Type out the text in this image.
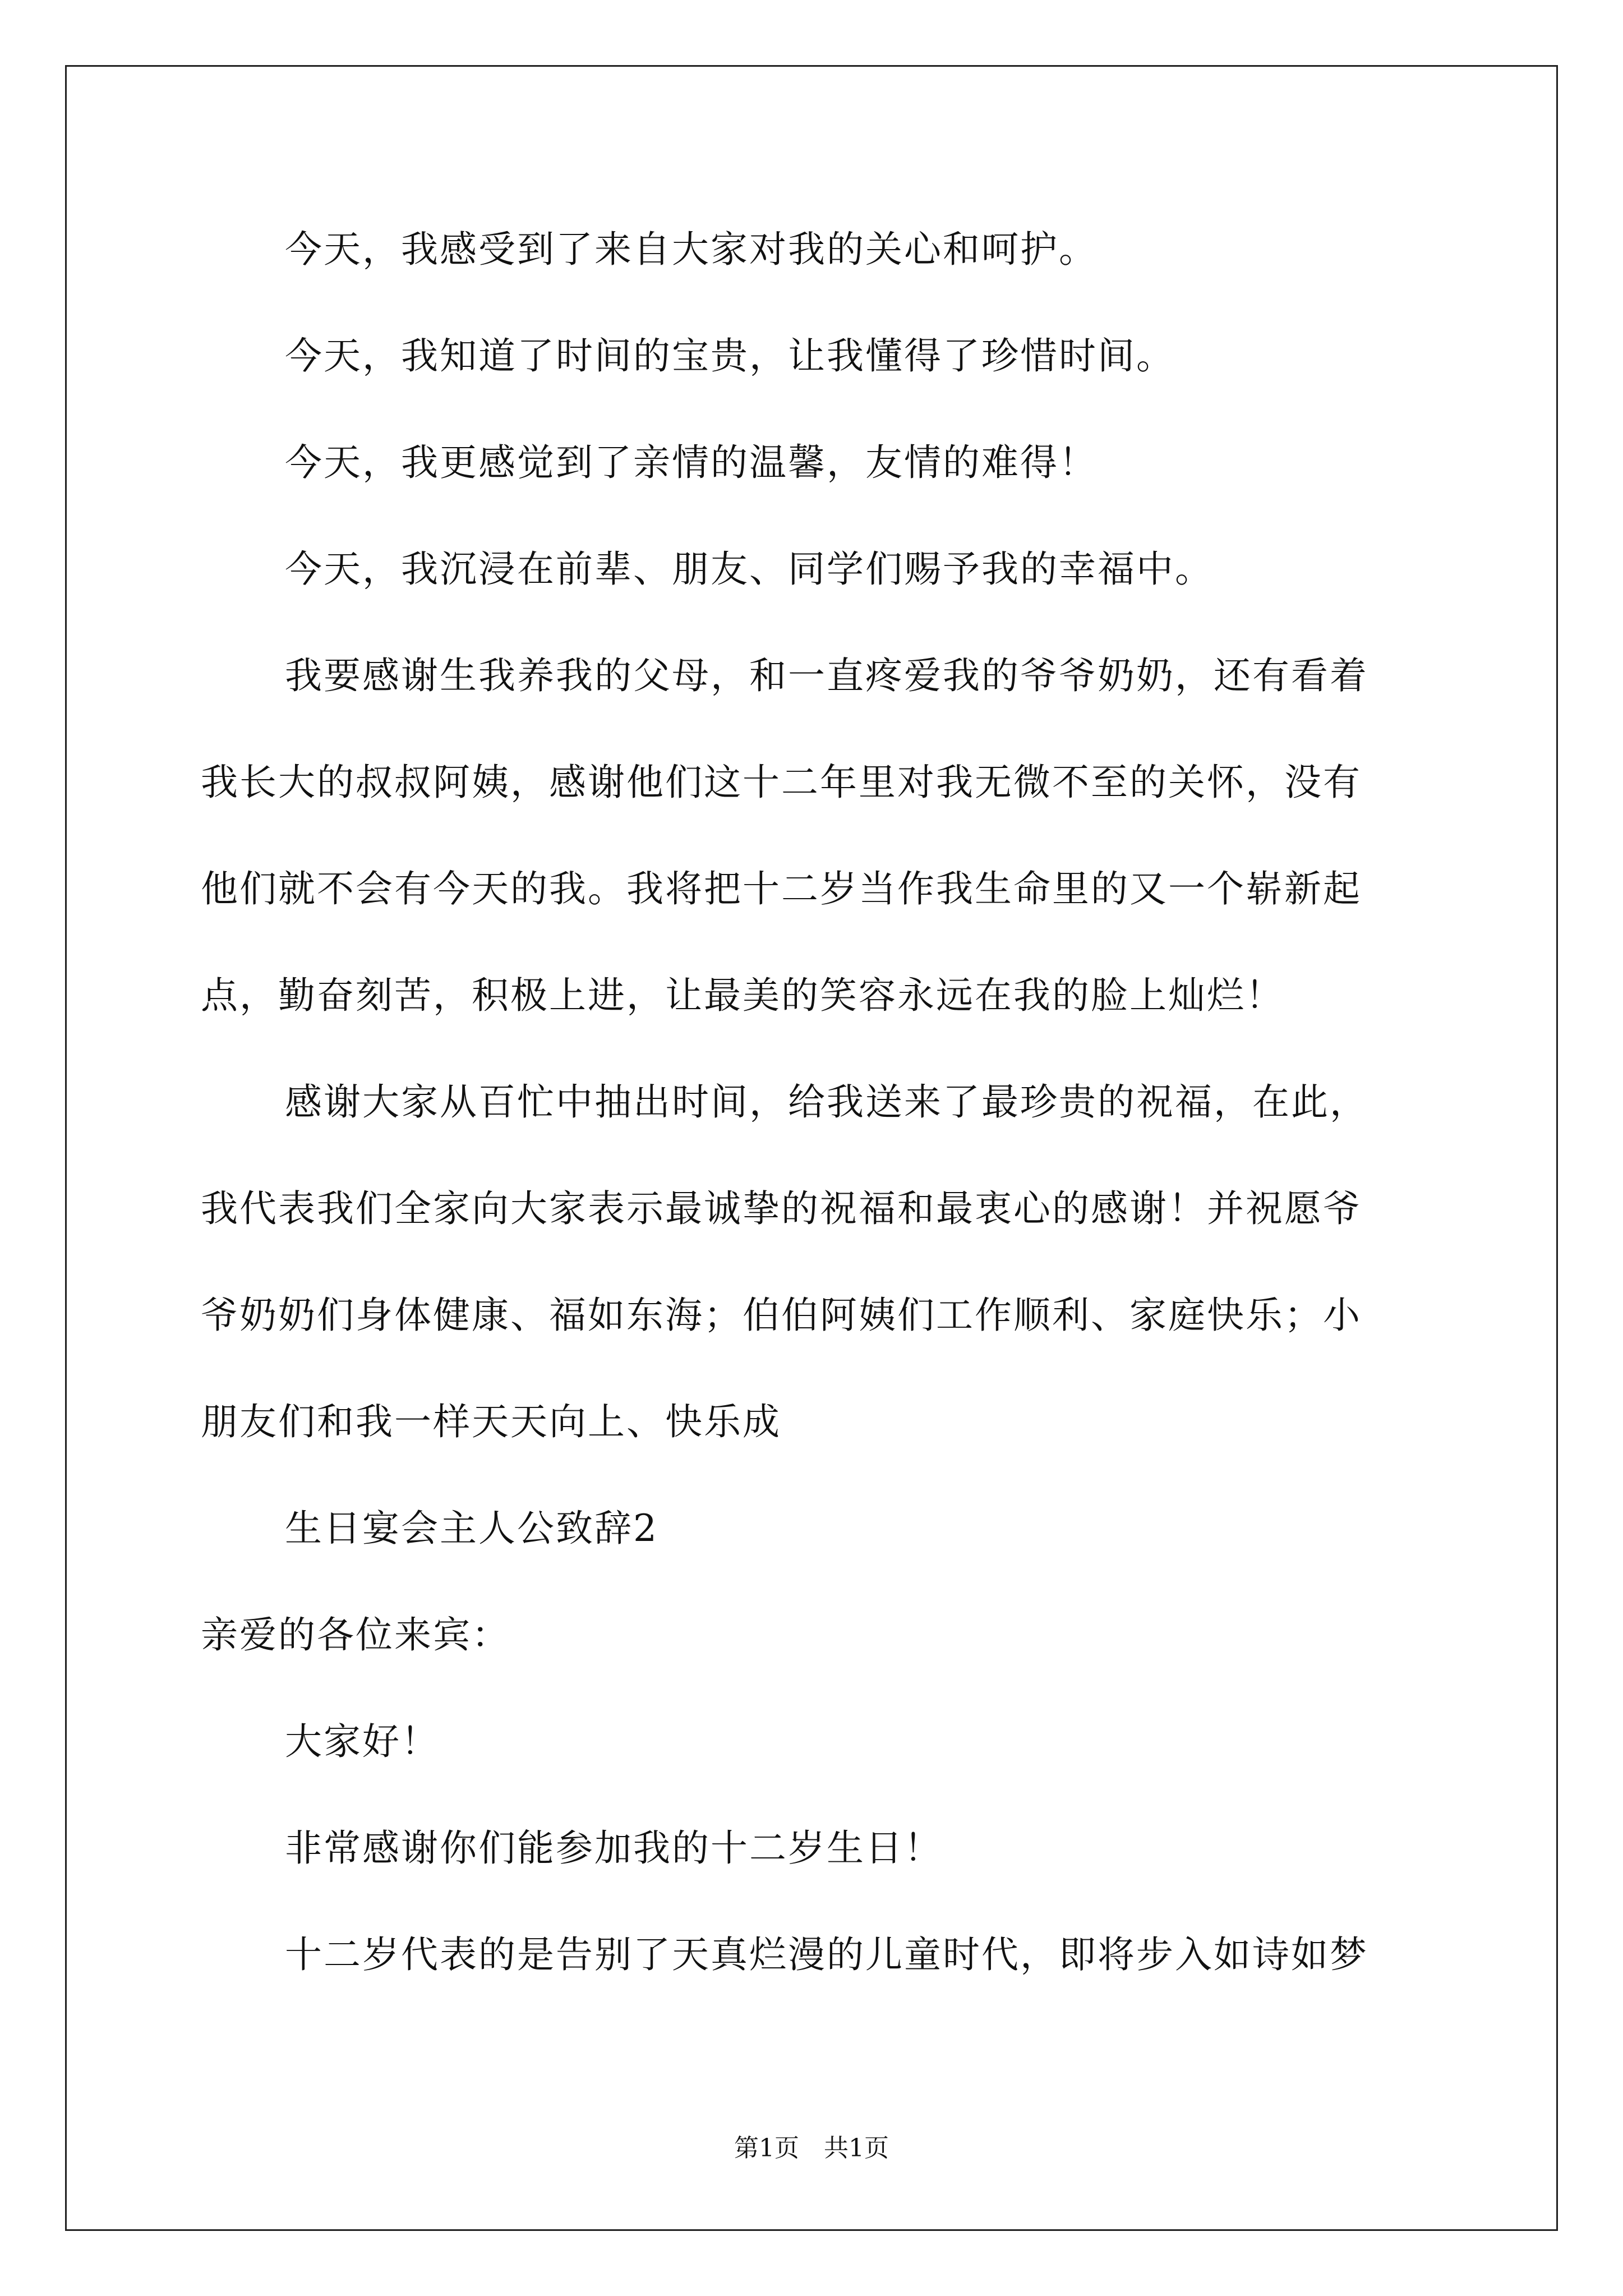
今天，我感受到了来自大家对我的关心和呵护。
今天，我知道了时间的宝贵，让我懂得了珍惜时间。
今天，我更感觉到了亲情的温馨，友情的难得！
今天，我沉浸在前辈、朋友、同学们赐予我的幸福中。
我要感谢生我养我的父母，和一直疼爱我的爷爷奶奶，还有看着
我长大的叔叔阿姨，感谢他们这十二年里对我无微不至的关怀，没有
他们就不会有今天的我。我将把十二岁当作我生命里的又一个崭新起
点，勤奋刻苦，积极上进，让最美的笑容永远在我的脸上灿烂！
感谢大家从百忙中抽出时间，给我送来了最珍贵的祝福，在此，
我代表我们全家向大家表示最诚挚的祝福和最衷心的感谢！并祝愿爷
爷奶奶们身体健康、福如东海；伯伯阿姨们工作顺利、家庭快乐；小
朋友们和我一样天天向上、快乐成
生日宴会主人公致辞2
亲爱的各位来宾：
大家好！
非常感谢你们能参加我的十二岁生日！
十二岁代表的是告别了天真烂漫的儿童时代，即将步入如诗如梦
第1页　共1页
